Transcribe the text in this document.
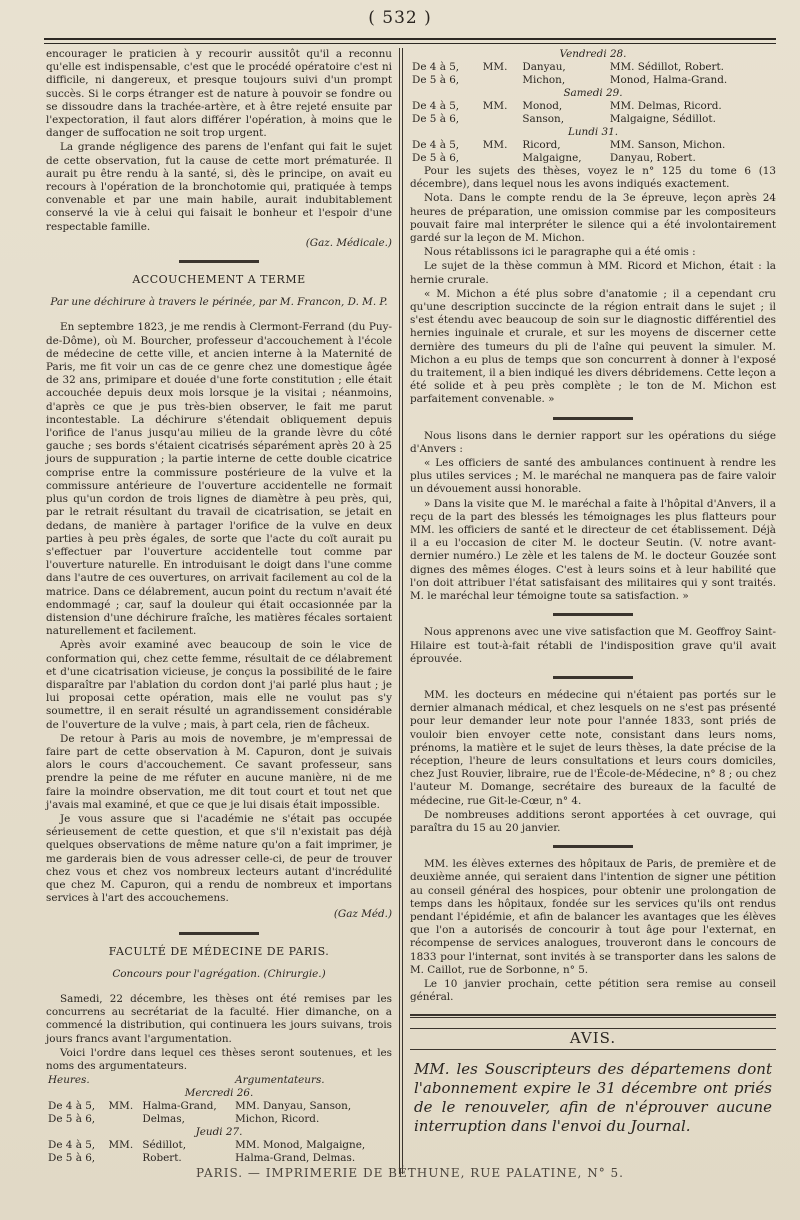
( 532 )

encourager le praticien à y recourir aussitôt qu'il a reconnu qu'elle est indispensable, c'est que le procédé opératoire c'est ni difficile, ni dangereux, et presque toujours suivi d'un prompt succès. Si le corps étranger est de nature à pouvoir se fondre ou se dissoudre dans la trachée-artère, et à être rejeté ensuite par l'expectoration, il faut alors différer l'opération, à moins que le danger de suffocation ne soit trop urgent.

La grande négligence des parens de l'enfant qui fait le sujet de cette observation, fut la cause de cette mort prématurée. Il aurait pu être rendu à la santé, si, dès le principe, on avait eu recours à l'opération de la bronchotomie qui, pratiquée à temps convenable et par une main habile, aurait indubitablement conservé la vie à celui qui faisait le bonheur et l'espoir d'une respectable famille.

(Gaz. Médicale.)

ACCOUCHEMENT A TERME
Par une déchirure à travers le périnée, par M. Francon, D. M. P.

En septembre 1823, je me rendis à Clermont-Ferrand (du Puy-de-Dôme), où M. Bourcher, professeur d'accouchement à l'école de médecine de cette ville, et ancien interne à la Maternité de Paris, me fit voir un cas de ce genre chez une domestique âgée de 32 ans, primipare et douée d'une forte constitution ; elle était accouchée depuis deux mois lorsque je la visitai ; néanmoins, d'après ce que je pus très-bien observer, le fait me parut incontestable. La déchirure s'étendait obliquement depuis l'orifice de l'anus jusqu'au milieu de la grande lèvre du côté gauche ; ses bords s'étaient cicatrisés séparément après 20 à 25 jours de suppuration ; la partie interne de cette double cicatrice comprise entre la commissure postérieure de la vulve et la commissure antérieure de l'ouverture accidentelle ne formait plus qu'un cordon de trois lignes de diamètre à peu près, qui, par le retrait résultant du travail de cicatrisation, se jetait en dedans, de manière à partager l'orifice de la vulve en deux parties à peu près égales, de sorte que l'acte du coït aurait pu s'effectuer par l'ouverture accidentelle tout comme par l'ouverture naturelle. En introduisant le doigt dans l'une comme dans l'autre de ces ouvertures, on arrivait facilement au col de la matrice. Dans ce délabrement, aucun point du rectum n'avait été endommagé ; car, sauf la douleur qui était occasionnée par la distension d'une déchirure fraîche, les matières fécales sortaient naturellement et facilement.

Après avoir examiné avec beaucoup de soin le vice de conformation qui, chez cette femme, résultait de ce délabrement et d'une cicatrisation vicieuse, je conçus la possibilité de le faire disparaître par l'ablation du cordon dont j'ai parlé plus haut ; je lui proposai cette opération, mais elle ne voulut pas s'y soumettre, il en serait résulté un agrandissement considérable de l'ouverture de la vulve ; mais, à part cela, rien de fâcheux.

De retour à Paris au mois de novembre, je m'empressai de faire part de cette observation à M. Capuron, dont je suivais alors le cours d'accouchement. Ce savant professeur, sans prendre la peine de me réfuter en aucune manière, ni de me faire la moindre observation, me dit tout court et tout net que j'avais mal examiné, et que ce que je lui disais était impossible.

Je vous assure que si l'académie ne s'était pas occupée sérieusement de cette question, et que s'il n'existait pas déjà quelques observations de même nature qu'on a fait imprimer, je me garderais bien de vous adresser celle-ci, de peur de trouver chez vous et chez vos nombreux lecteurs autant d'incrédulité que chez M. Capuron, qui a rendu de nombreux et importans services à l'art des accouchemens.

(Gaz Méd.)

FACULTÉ DE MÉDECINE DE PARIS.
Concours pour l'agrégation. (Chirurgie.)

Samedi, 22 décembre, les thèses ont été remises par les concurrens au secrétariat de la faculté. Hier dimanche, on a commencé la distribution, qui continuera les jours suivans, trois jours francs avant l'argumentation.

Voici l'ordre dans lequel ces thèses seront soutenues, et les noms des argumentateurs.

Heures.			Argumentateurs.
Mercredi 26.			
De 4 à 5,	MM.	Halma-Grand,	MM. Danyau, Sanson,
De 5 à 6,		Delmas,	Michon, Ricord.
Jeudi 27.			
De 4 à 5,	MM.	Sédillot,	MM. Monod, Malgaigne,
De 5 à 6,		Robert.	Halma-Grand, Delmas.
Vendredi 28.			
De 4 à 5,	MM.	Danyau,	MM. Sédillot, Robert.
De 5 à 6,		Michon,	Monod, Halma-Grand.
Samedi 29.			
De 4 à 5,	MM.	Monod,	MM. Delmas, Ricord.
De 5 à 6,		Sanson,	Malgaigne, Sédillot.
Lundi 31.			
De 4 à 5,	MM.	Ricord,	MM. Sanson, Michon.
De 5 à 6,		Malgaigne,	Danyau, Robert.

Pour les sujets des thèses, voyez le n° 125 du tome 6 (13 décembre), dans lequel nous les avons indiqués exactement.

Nota. Dans le compte rendu de la 3e épreuve, leçon après 24 heures de préparation, une omission commise par les compositeurs pouvait faire mal interpréter le silence qui a été involontairement gardé sur la leçon de M. Michon.

Nous rétablissons ici le paragraphe qui a été omis :

Le sujet de la thèse commun à MM. Ricord et Michon, était : la hernie crurale.

« M. Michon a été plus sobre d'anatomie ; il a cependant cru qu'une description succincte de la région entrait dans le sujet ; il s'est étendu avec beaucoup de soin sur le diagnostic différentiel des hernies inguinale et crurale, et sur les moyens de discerner cette dernière des tumeurs du pli de l'aîne qui peuvent la simuler. M. Michon a eu plus de temps que son concurrent à donner à l'exposé du traitement, il a bien indiqué les divers débridemens. Cette leçon a été solide et à peu près complète ; le ton de M. Michon est parfaitement convenable. »

Nous lisons dans le dernier rapport sur les opérations du siége d'Anvers :

« Les officiers de santé des ambulances continuent à rendre les plus utiles services ; M. le maréchal ne manquera pas de faire valoir un dévouement aussi honorable.

» Dans la visite que M. le maréchal a faite à l'hôpital d'Anvers, il a reçu de la part des blessés les témoignages les plus flatteurs pour MM. les officiers de santé et le directeur de cet établissement. Déjà il a eu l'occasion de citer M. le docteur Seutin. (V. notre avant-dernier numéro.) Le zèle et les talens de M. le docteur Gouzée sont dignes des mêmes éloges. C'est à leurs soins et à leur habilité que l'on doit attribuer l'état satisfaisant des militaires qui y sont traités. M. le maréchal leur témoigne toute sa satisfaction. »

Nous apprenons avec une vive satisfaction que M. Geoffroy Saint-Hilaire est tout-à-fait rétabli de l'indisposition grave qu'il avait éprouvée.

MM. les docteurs en médecine qui n'étaient pas portés sur le dernier almanach médical, et chez lesquels on ne s'est pas présenté pour leur demander leur note pour l'année 1833, sont priés de vouloir bien envoyer cette note, consistant dans leurs noms, prénoms, la matière et le sujet de leurs thèses, la date précise de la réception, l'heure de leurs consultations et leurs cours domiciles, chez Just Rouvier, libraire, rue de l'École-de-Médecine, n° 8 ; ou chez l'auteur M. Domange, secrétaire des bureaux de la faculté de médecine, rue Git-le-Cœur, n° 4.

De nombreuses additions seront apportées à cet ouvrage, qui paraîtra du 15 au 20 janvier.

MM. les élèves externes des hôpitaux de Paris, de première et de deuxième année, qui seraient dans l'intention de signer une pétition au conseil général des hospices, pour obtenir une prolongation de temps dans les hôpitaux, fondée sur les services qu'ils ont rendus pendant l'épidémie, et afin de balancer les avantages que les élèves que l'on a autorisés de concourir à tout âge pour l'externat, en récompense de services analogues, trouveront dans le concours de 1833 pour l'internat, sont invités à se transporter dans les salons de M. Caillot, rue de Sorbonne, n° 5.

Le 10 janvier prochain, cette pétition sera remise au conseil général.

AVIS.
MM. les Souscripteurs des départemens dont l'abonnement expire le 31 décembre ont priés de le renouveler, afin de n'éprouver aucune interruption dans l'envoi du Journal.
PARIS. — IMPRIMERIE DE BÉTHUNE, RUE PALATINE, N° 5.
